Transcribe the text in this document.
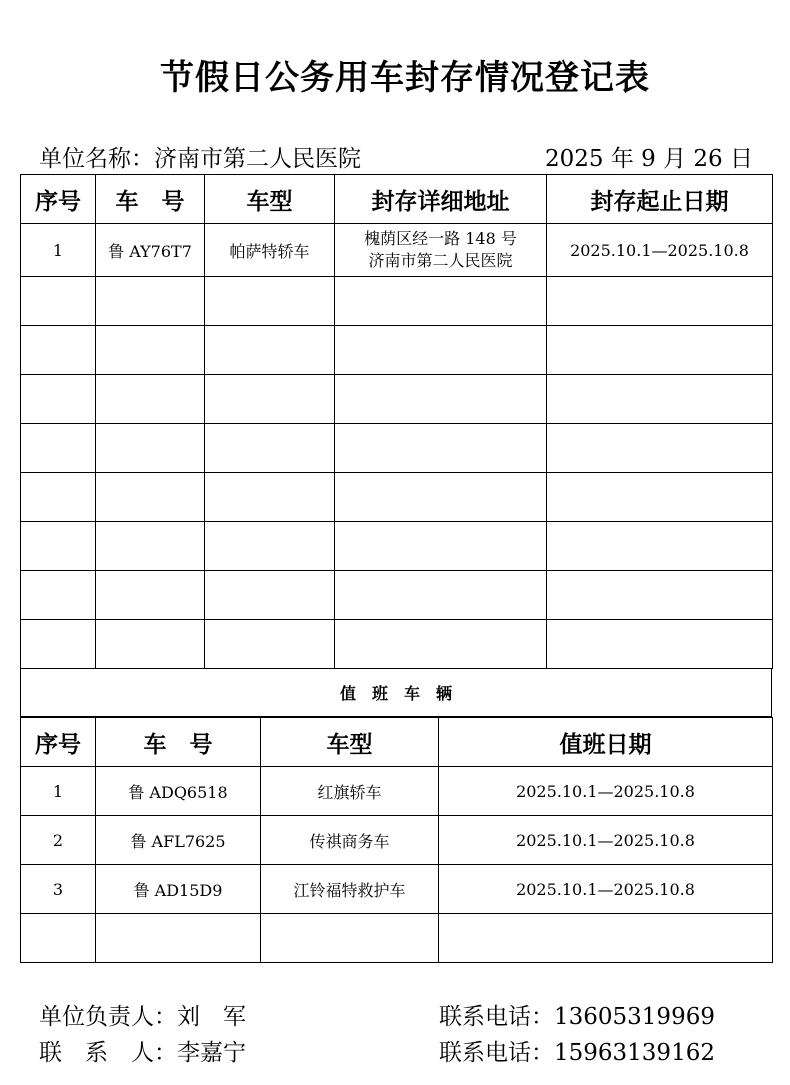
节假日公务用车封存情况登记表
单位名称：济南市第二人民医院	2025 年 9 月 26 日
序号	车　号	车型	封存详细地址	封存起止日期
1	鲁 AY76T7	帕萨特轿车	槐荫区经一路 148 号
济南市第二人民医院	2025.10.1—2025.10.8

值　班　车　辆
序号	车　号	车型	值班日期
1	鲁 ADQ6518	红旗轿车	2025.10.1—2025.10.8
2	鲁 AFL7625	传祺商务车	2025.10.1—2025.10.8
3	鲁 AD15D9	江铃福特救护车	2025.10.1—2025.10.8

单位负责人：刘　军	联系电话：13605319969
联　系　人：李嘉宁	联系电话：15963139162
